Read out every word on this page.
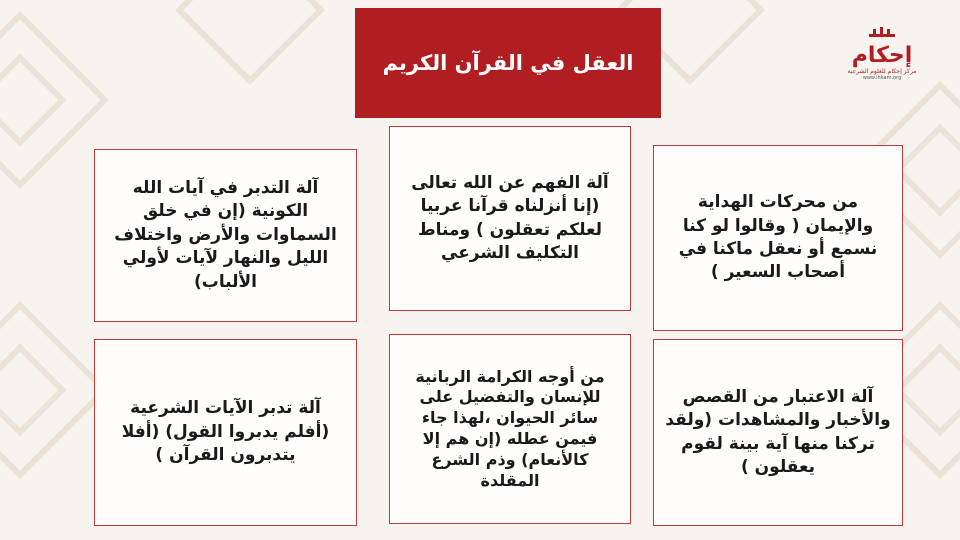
العقل في القرآن الكريم	إحكام
مركز إحكام للعلوم الشرعية
www.ihkam.org

من محركات الهداية والإيمان ( وقالوا لو كنا نسمع أو نعقل ماكنا في أصحاب السعير )

آلة الفهم عن الله تعالى (إنا أنزلناه قرآنا عربيا لعلكم تعقلون ) ومناط التكليف الشرعي

آلة التدبر في آيات الله الكونية (إن في خلق السماوات والأرض واختلاف الليل والنهار لآيات لأولي الألباب)

آلة الاعتبار من القصص والأخبار والمشاهدات (ولقد تركنا منها آية بينة لقوم يعقلون )

من أوجه الكرامة الربانية للإنسان والتفضيل على سائر الحيوان ،لهذا جاء فيمن عطله (إن هم إلا كالأنعام) وذم الشرع المقلدة

آلة تدبر الآيات الشرعية (أفلم يدبروا القول) (أفلا يتدبرون القرآن )
